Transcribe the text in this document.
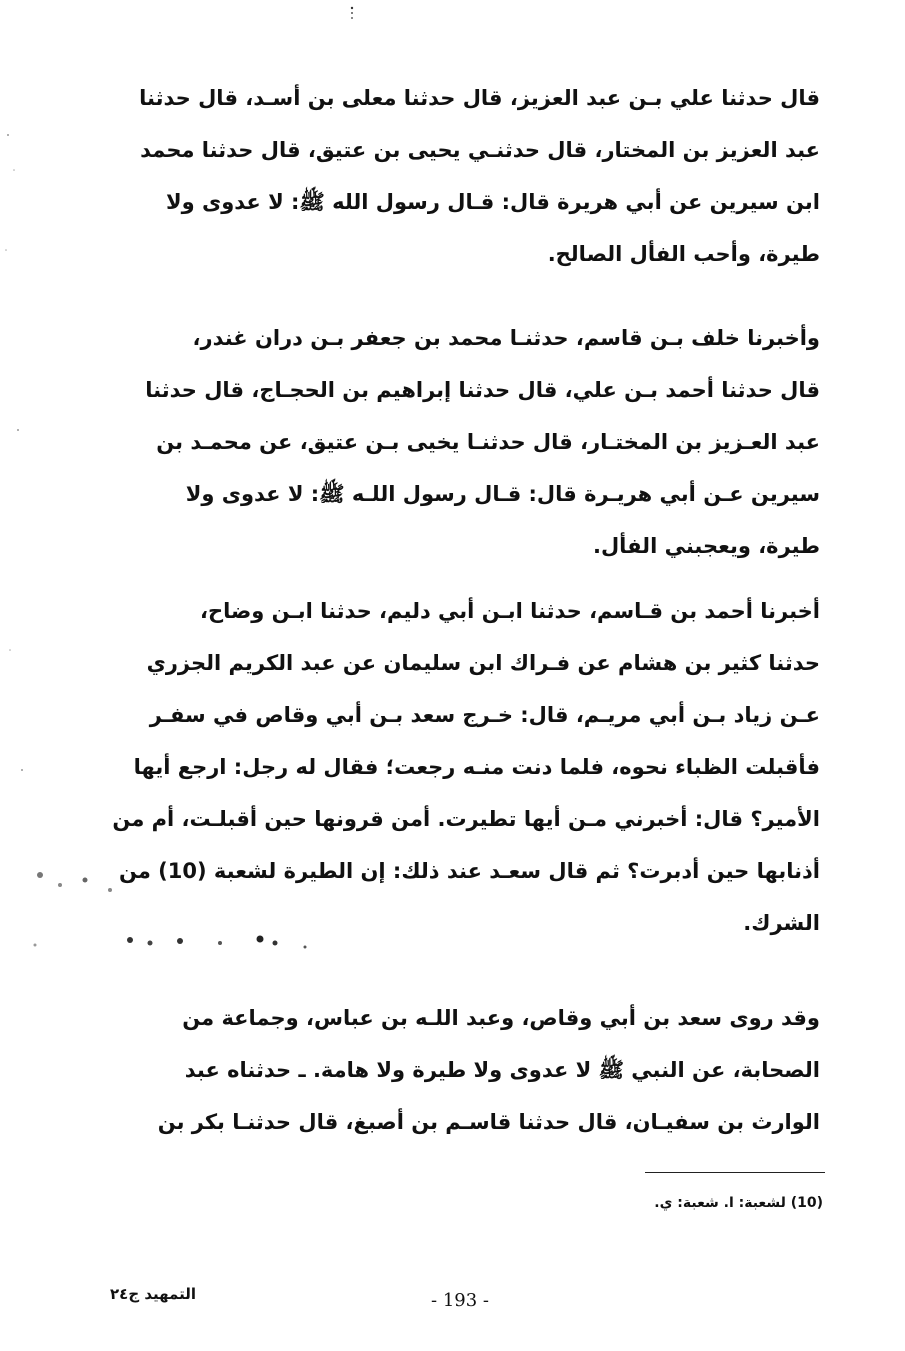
قال حدثنا علي بـن عبد العزيز، قال حدثنا معلى بن أسـد، قال حدثنا
عبد العزيز بن المختار، قال حدثنـي يحيى بن عتيق، قال حدثنا محمد
ابن سيرين عن أبي هريرة قال: قـال رسول الله ﷺ: لا عدوى ولا
طيرة، وأحب الفأل الصالح.
وأخبرنا خلف بـن قاسم، حدثنـا محمد بن جعفر بـن دران غندر،
قال حدثنا أحمد بـن علي، قال حدثنا إبراهيم بن الحجـاج، قال حدثنا
عبد العـزيز بن المختـار، قال حدثنـا يخيى بـن عتيق، عن محمـد بن
سيرين عـن أبي هريـرة قال: قـال رسول اللـه ﷺ: لا عدوى ولا
طيرة، ويعجبني الفأل.
أخبرنا أحمد بن قـاسم، حدثنا ابـن أبي دليم، حدثنا ابـن وضاح،
حدثنا كثير بن هشام عن فـراك ابن سليمان عن عبد الكريم الجزري
عـن زياد بـن أبي مريـم، قال: خـرج سعد بـن أبي وقاص في سفـر
فأقبلت الظباء نحوه، فلما دنت منـه رجعت؛ فقال له رجل: ارجع أيها
الأمير؟ قال: أخبرني مـن أيها تطيرت. أمن قرونها حين أقبلـت، أم من
أذنابها حين أدبرت؟ ثم قال سعـد عند ذلك: إن الطيرة لشعبة (10) من
الشرك.
وقد روى سعد بن أبي وقاص، وعبد اللـه بن عباس، وجماعة من
الصحابة، عن النبي ﷺ لا عدوى ولا طيرة ولا هامة. ـ حدثناه عبد
الوارث بن سفيـان، قال حدثنا قاسـم بن أصبغ، قال حدثنـا بكر بن
(10) لشعبة: ا. شعبة: ي.
التمهيد ج٢٤	- 193 -
